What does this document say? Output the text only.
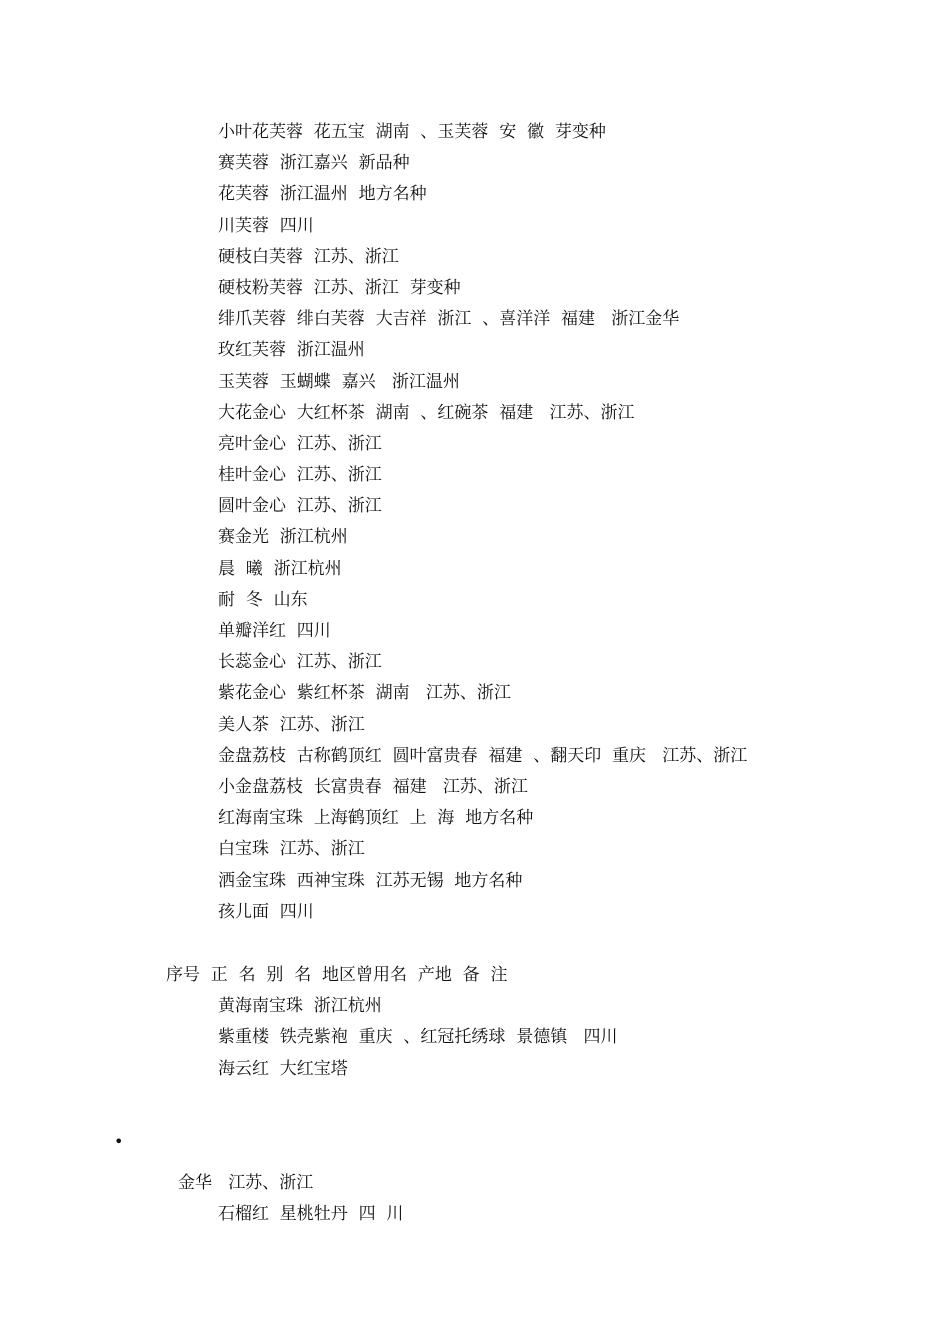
小叶花芙蓉  花五宝  湖南  、玉芙蓉  安  徽  芽变种
赛芙蓉  浙江嘉兴  新品种
花芙蓉  浙江温州  地方名种
川芙蓉  四川
硬枝白芙蓉  江苏、浙江
硬枝粉芙蓉  江苏、浙江  芽变种
绯爪芙蓉  绯白芙蓉  大吉祥  浙江  、喜洋洋  福建   浙江金华
玫红芙蓉  浙江温州
玉芙蓉  玉蝴蝶  嘉兴   浙江温州
大花金心  大红杯茶  湖南  、红碗茶  福建   江苏、浙江
亮叶金心  江苏、浙江
桂叶金心  江苏、浙江
圆叶金心  江苏、浙江
赛金光  浙江杭州
晨  曦  浙江杭州
耐  冬  山东
单瓣洋红  四川
长蕊金心  江苏、浙江
紫花金心  紫红杯茶  湖南   江苏、浙江
美人茶  江苏、浙江
金盘荔枝  古称鹤顶红  圆叶富贵春  福建  、翻天印  重庆   江苏、浙江
小金盘荔枝  长富贵春  福建   江苏、浙江
红海南宝珠  上海鹤顶红  上  海  地方名种
白宝珠  江苏、浙江
洒金宝珠  西神宝珠  江苏无锡  地方名种
孩儿面  四川
序号  正  名  别  名  地区曾用名  产地  备  注
黄海南宝珠  浙江杭州
紫重楼  铁壳紫袍  重庆  、红冠托绣球  景德镇   四川
海云红  大红宝塔
•
金华   江苏、浙江
石榴红  星桃牡丹  四  川
